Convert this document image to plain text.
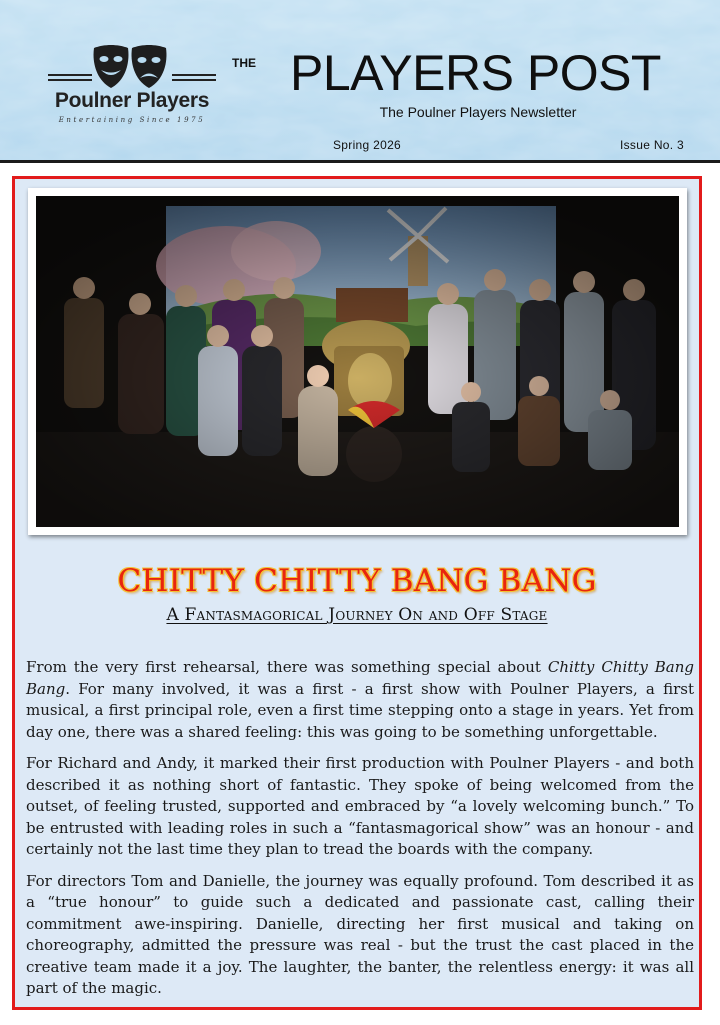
Poulner Players
Entertaining Since 1975
THE PLAYERS POST
The Poulner Players Newsletter
Spring 2026	Issue No. 3
CHITTY CHITTY BANG BANG
A Fantasmagorical Journey On and Off Stage

From the very first rehearsal, there was something special about Chitty Chitty Bang Bang. For many involved, it was a first - a first show with Poulner Players, a first musical, a first principal role, even a first time stepping onto a stage in years. Yet from day one, there was a shared feeling: this was going to be something unforgettable.

For Richard and Andy, it marked their first production with Poulner Players - and both described it as nothing short of fantastic. They spoke of being welcomed from the outset, of feeling trusted, supported and embraced by “a lovely welcoming bunch.” To be entrusted with leading roles in such a “fantasmagorical show” was an honour - and certainly not the last time they plan to tread the boards with the company.

For directors Tom and Danielle, the journey was equally profound. Tom described it as a “true honour” to guide such a dedicated and passionate cast, calling their commitment awe-inspiring. Danielle, directing her first musical and taking on choreography, admitted the pressure was real - but the trust the cast placed in the creative team made it a joy. The laughter, the banter, the relentless energy: it was all part of the magic.
